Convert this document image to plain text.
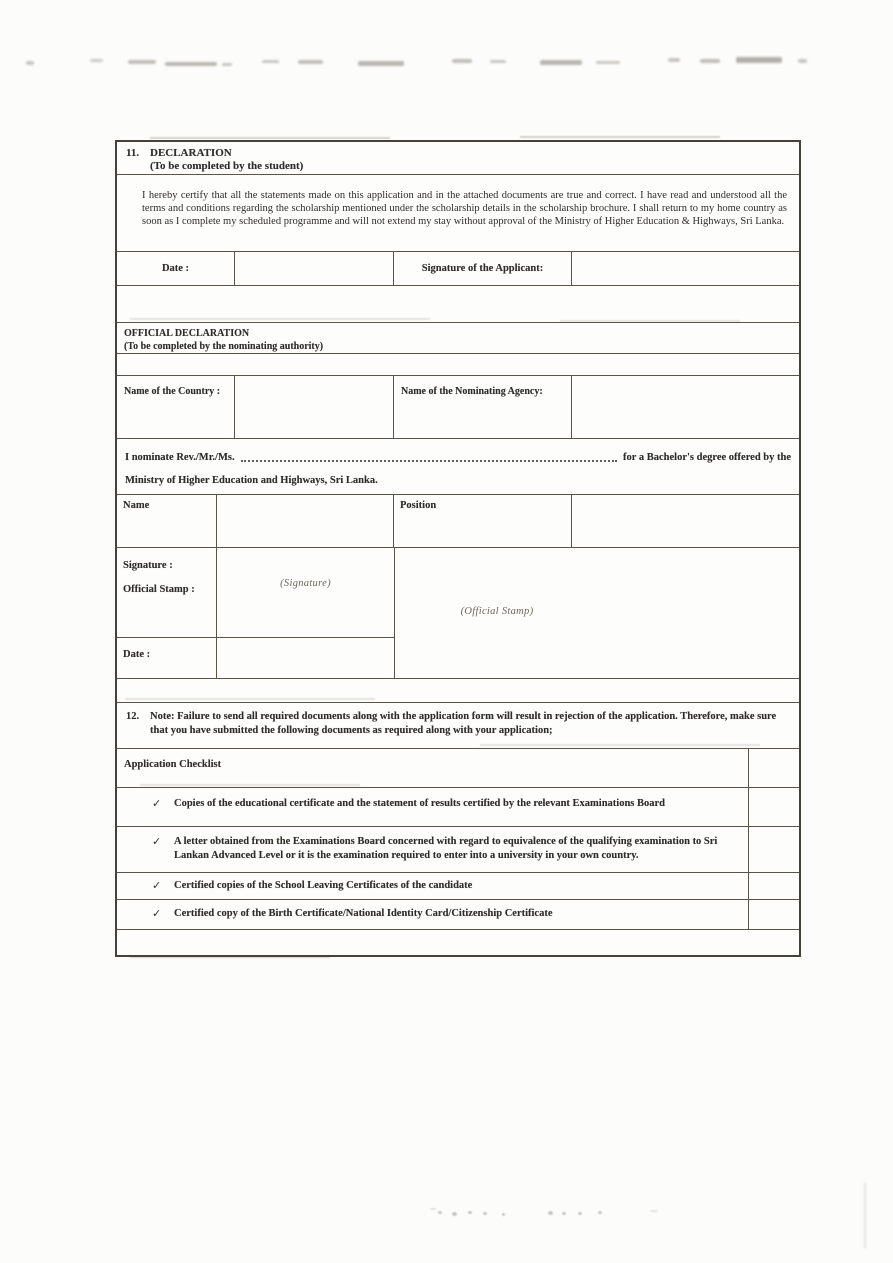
11. DECLARATION
(To be completed by the student)
I hereby certify that all the statements made on this application and in the attached documents are true and correct. I have read and understood all the terms and conditions regarding the scholarship mentioned under the scholarship details in the scholarship brochure. I shall return to my home country as soon as I complete my scheduled programme and will not extend my stay without approval of the Ministry of Higher Education & Highways, Sri Lanka.
Date :	Signature of the Applicant:
OFFICIAL DECLARATION
(To be completed by the nominating authority)
Name of the Country :	Name of the Nominating Agency:
I nominate Rev./Mr./Ms.	for a Bachelor's degree offered by the
Ministry of Higher Education and Highways, Sri Lanka.
Name	Position
Signature :
Official Stamp :
Date :
(Signature)
(Official Stamp)
12.	Note: Failure to send all required documents along with the application form will result in rejection of the application. Therefore, make sure that you have submitted the following documents as required along with your application;
Application Checklist
✓	Copies of the educational certificate and the statement of results certified by the relevant Examinations Board
✓	A letter obtained from the Examinations Board concerned with regard to equivalence of the qualifying examination to Sri Lankan Advanced Level or it is the examination required to enter into a university in your own country.
✓	Certified copies of the School Leaving Certificates of the candidate
✓	Certified copy of the Birth Certificate/National Identity Card/Citizenship Certificate
